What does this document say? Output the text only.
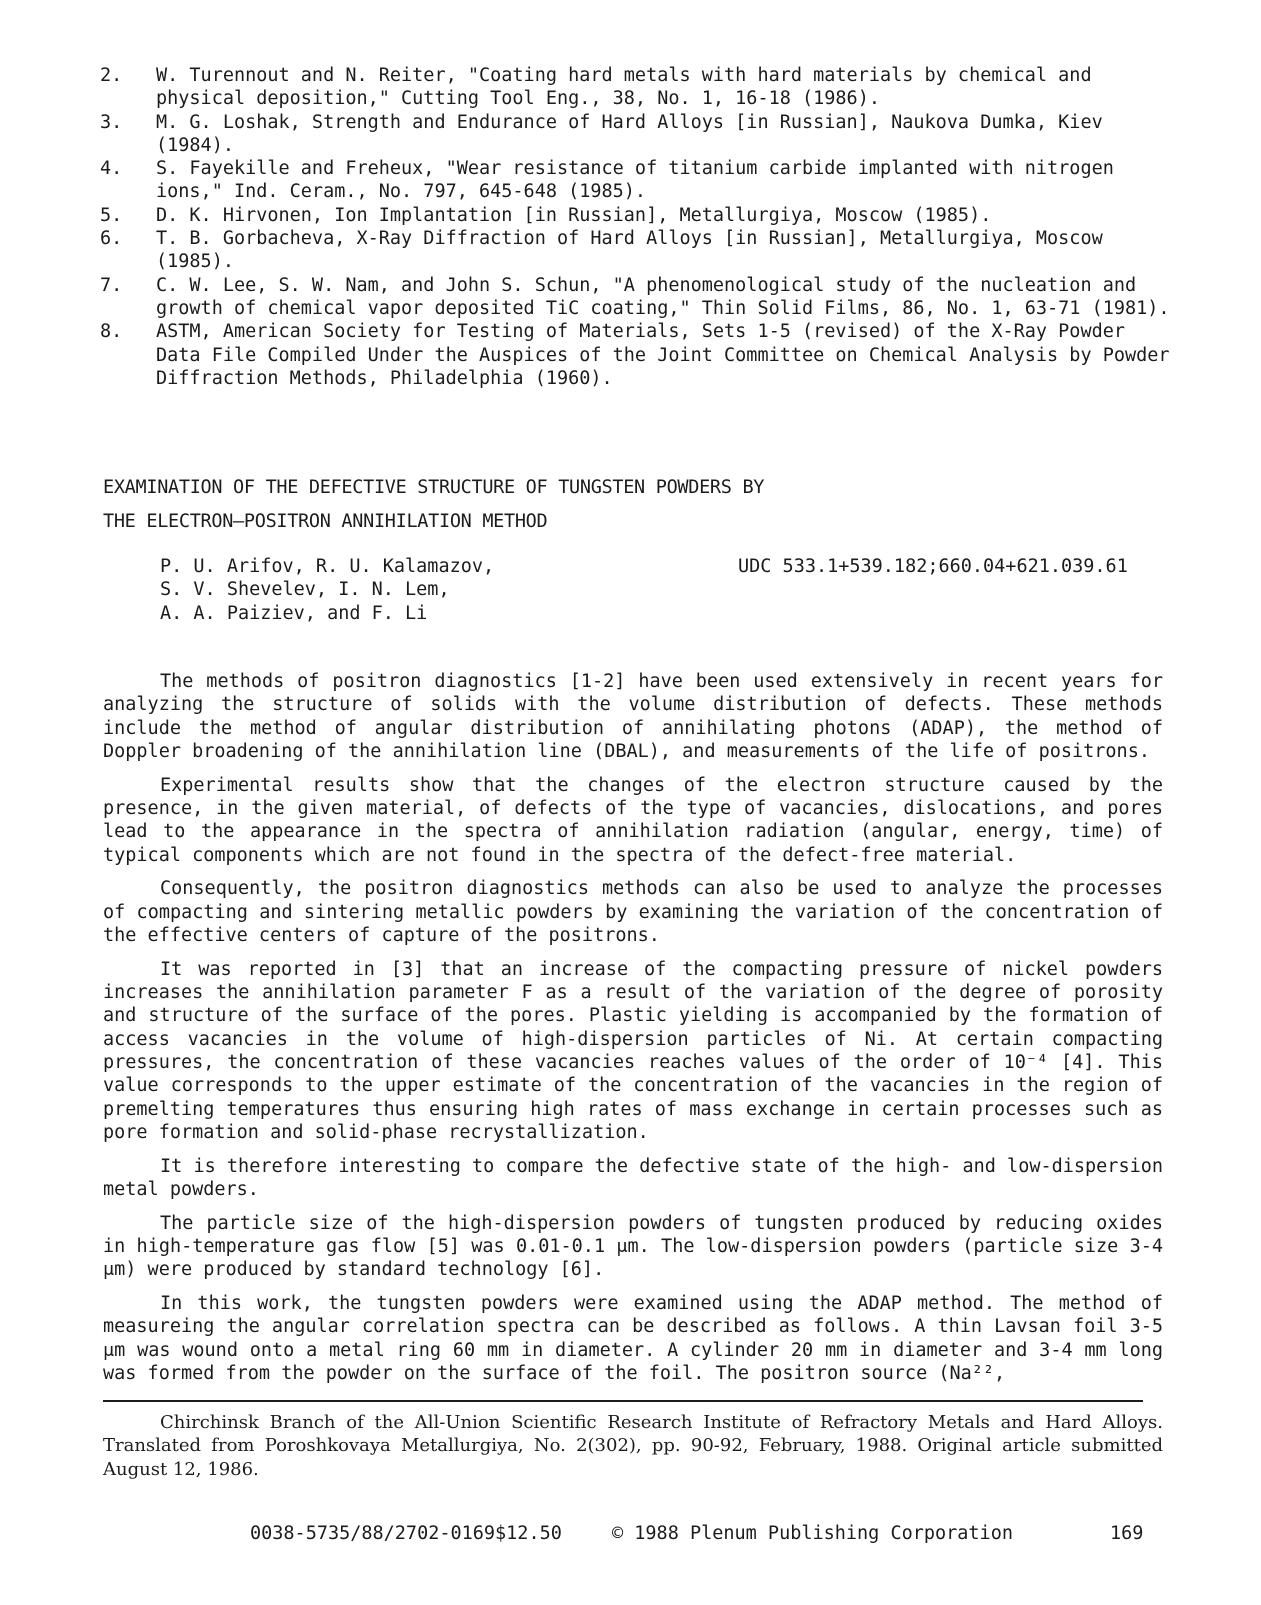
2.	W. Turennout and N. Reiter, "Coating hard metals with hard materials by chemical and physical deposition," Cutting Tool Eng., 38, No. 1, 16-18 (1986).
3.	M. G. Loshak, Strength and Endurance of Hard Alloys [in Russian], Naukova Dumka, Kiev (1984).
4.	S. Fayekille and Freheux, "Wear resistance of titanium carbide implanted with nitrogen ions," Ind. Ceram., No. 797, 645-648 (1985).
5.	D. K. Hirvonen, Ion Implantation [in Russian], Metallurgiya, Moscow (1985).
6.	T. B. Gorbacheva, X-Ray Diffraction of Hard Alloys [in Russian], Metallurgiya, Moscow (1985).
7.	C. W. Lee, S. W. Nam, and John S. Schun, "A phenomenological study of the nucleation and growth of chemical vapor deposited TiC coating," Thin Solid Films, 86, No. 1, 63-71 (1981).
8.	ASTM, American Society for Testing of Materials, Sets 1-5 (revised) of the X-Ray Powder Data File Compiled Under the Auspices of the Joint Committee on Chemical Analysis by Powder Diffraction Methods, Philadelphia (1960).
EXAMINATION OF THE DEFECTIVE STRUCTURE OF TUNGSTEN POWDERS BY
THE ELECTRON—POSITRON ANNIHILATION METHOD
P. U. Arifov, R. U. Kalamazov,
S. V. Shevelev, I. N. Lem,
A. A. Paiziev, and F. Li
UDC 533.1+539.182;660.04+621.039.61

The methods of positron diagnostics [1-2] have been used extensively in recent years for analyzing the structure of solids with the volume distribution of defects. These methods include the method of angular distribution of annihilating photons (ADAP), the method of Doppler broadening of the annihilation line (DBAL), and measurements of the life of positrons.

Experimental results show that the changes of the electron structure caused by the presence, in the given material, of defects of the type of vacancies, dislocations, and pores lead to the appearance in the spectra of annihilation radiation (angular, energy, time) of typical components which are not found in the spectra of the defect-free material.

Consequently, the positron diagnostics methods can also be used to analyze the processes of compacting and sintering metallic powders by examining the variation of the concentration of the effective centers of capture of the positrons.

It was reported in [3] that an increase of the compacting pressure of nickel powders increases the annihilation parameter F as a result of the variation of the degree of porosity and structure of the surface of the pores. Plastic yielding is accompanied by the formation of access vacancies in the volume of high-dispersion particles of Ni. At certain compacting pressures, the concentration of these vacancies reaches values of the order of 10⁻⁴ [4]. This value corresponds to the upper estimate of the concentration of the vacancies in the region of premelting temperatures thus ensuring high rates of mass exchange in certain processes such as pore formation and solid-phase recrystallization.

It is therefore interesting to compare the defective state of the high- and low-dispersion metal powders.

The particle size of the high-dispersion powders of tungsten produced by reducing oxides in high-temperature gas flow [5] was 0.01-0.1 μm. The low-dispersion powders (particle size 3-4 μm) were produced by standard technology [6].

In this work, the tungsten powders were examined using the ADAP method. The method of measureing the angular correlation spectra can be described as follows. A thin Lavsan foil 3-5 μm was wound onto a metal ring 60 mm in diameter. A cylinder 20 mm in diameter and 3-4 mm long was formed from the powder on the surface of the foil. The positron source (Na²²,

Chirchinsk Branch of the All-Union Scientific Research Institute of Refractory Metals and Hard Alloys. Translated from Poroshkovaya Metallurgiya, No. 2(302), pp. 90-92, February, 1988. Original article submitted August 12, 1986.

0038-5735/88/2702-0169$12.50	© 1988 Plenum Publishing Corporation	169
